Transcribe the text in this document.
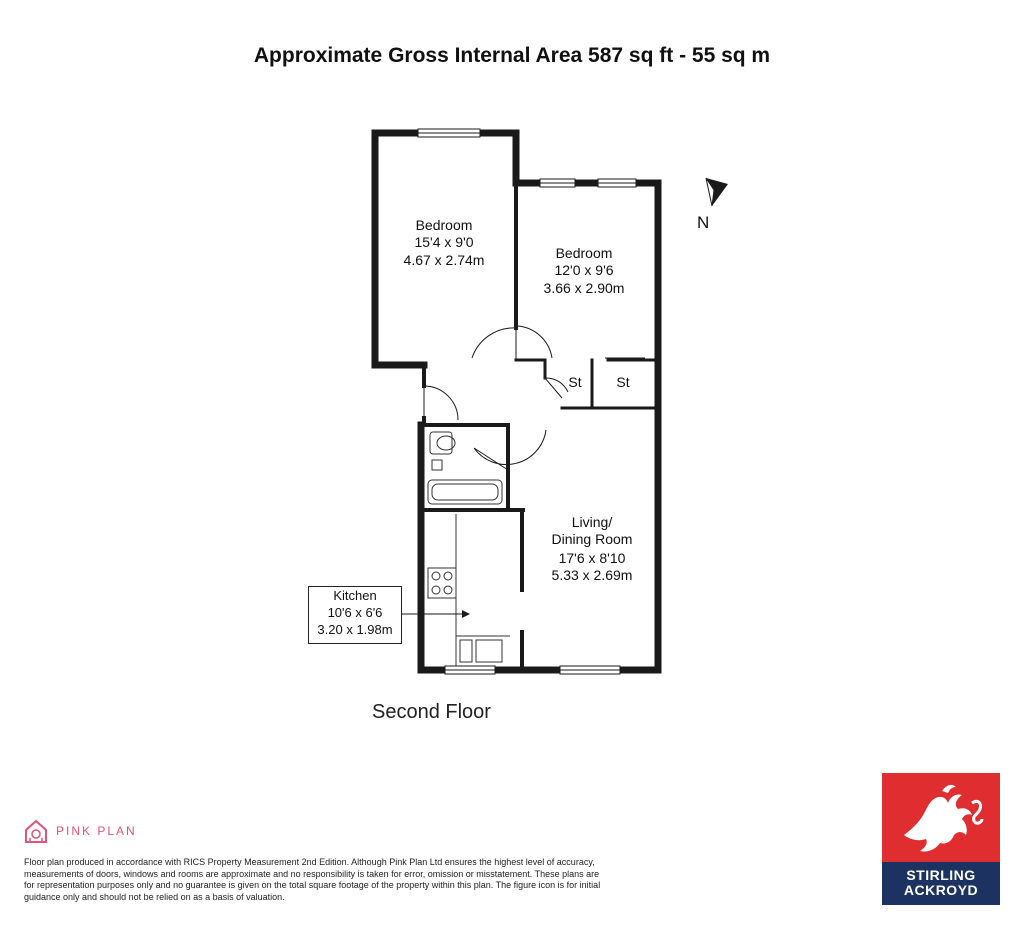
Approximate Gross Internal Area 587 sq ft - 55 sq m
N
Bedroom
15'4 x 9'0
4.67 x 2.74m	Bedroom
12'0 x 9'6
3.66 x 2.90m
St St
Living/
Dining Room
17'6 x 8'10
5.33 x 2.69m
Kitchen
10'6 x 6'6
3.20 x 1.98m
Second Floor
PINK PLAN
Floor plan produced in accordance with RICS Property Measurement 2nd Edition. Although Pink Plan Ltd ensures the highest level of accuracy, measurements of doors, windows and rooms are approximate and no responsibility is taken for error, omission or misstatement. These plans are for representation purposes only and no guarantee is given on the total square footage of the property within this plan. The figure icon is for initial guidance only and should not be relied on as a basis of valuation.
STIRLING
ACKROYD
